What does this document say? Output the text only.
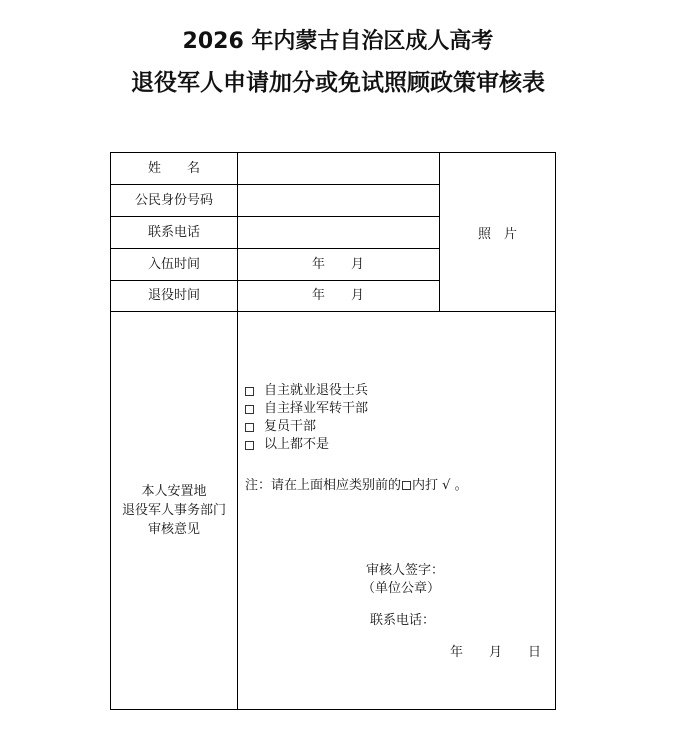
2026 年内蒙古自治区成人高考
退役军人申请加分或免试照顾政策审核表
姓　　名
公民身份号码
联系电话
入伍时间
退役时间
年　　月
年　　月
照　片
本人安置地
退役军人事务部门
审核意见
自主就业退役士兵
自主择业军转干部
复员干部
以上都不是
注：请在上面相应类别前的 内打 √ 。
审核人签字：
（单位公章）
联系电话：
年　　月　　日
